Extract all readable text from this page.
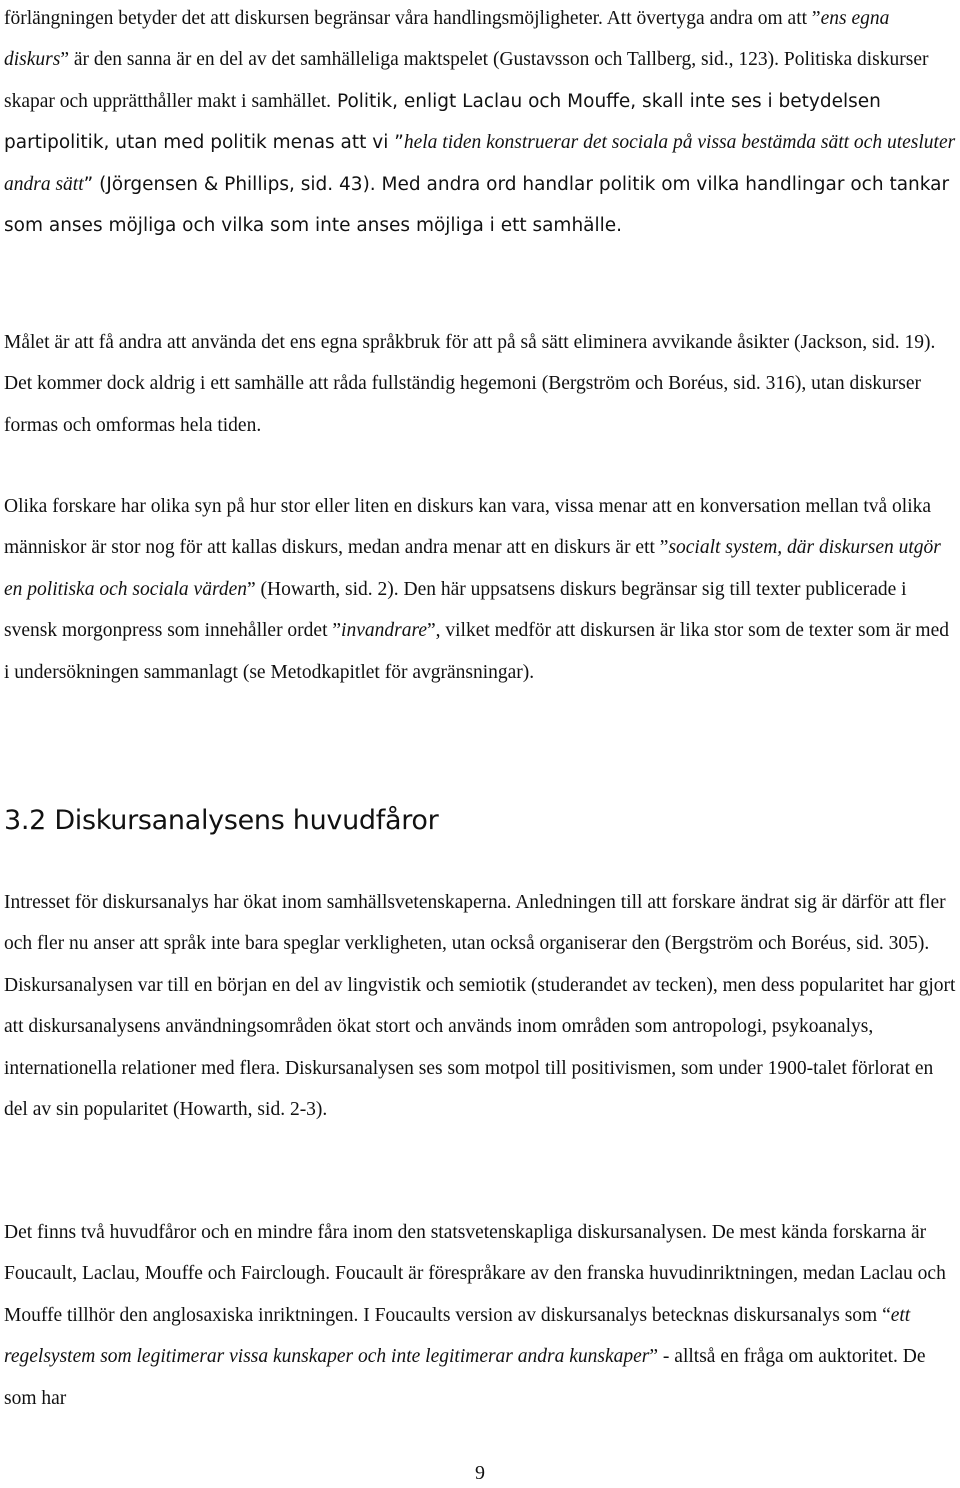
förlängningen betyder det att diskursen begränsar våra handlingsmöjligheter. Att övertyga andra om att ”ens egna diskurs” är den sanna är en del av det samhälleliga maktspelet (Gustavsson och Tallberg, sid., 123). Politiska diskurser skapar och upprätthåller makt i samhället. Politik, enligt Laclau och Mouffe, skall inte ses i betydelsen partipolitik, utan med politik menas att vi ”hela tiden konstruerar det sociala på vissa bestämda sätt och utesluter andra sätt” (Jörgensen & Phillips, sid. 43). Med andra ord handlar politik om vilka handlingar och tankar som anses möjliga och vilka som inte anses möjliga i ett samhälle.

Målet är att få andra att använda det ens egna språkbruk för att på så sätt eliminera avvikande åsikter (Jackson, sid. 19). Det kommer dock aldrig i ett samhälle att råda fullständig hegemoni (Bergström och Boréus, sid. 316), utan diskurser formas och omformas hela tiden.

Olika forskare har olika syn på hur stor eller liten en diskurs kan vara, vissa menar att en konversation mellan två olika människor är stor nog för att kallas diskurs, medan andra menar att en diskurs är ett ”socialt system, där diskursen utgör en politiska och sociala värden” (Howarth, sid. 2). Den här uppsatsens diskurs begränsar sig till texter publicerade i svensk morgonpress som innehåller ordet ”invandrare”, vilket medför att diskursen är lika stor som de texter som är med i undersökningen sammanlagt (se Metodkapitlet för avgränsningar).

3.2 Diskursanalysens huvudfåror

Intresset för diskursanalys har ökat inom samhällsvetenskaperna. Anledningen till att forskare ändrat sig är därför att fler och fler nu anser att språk inte bara speglar verkligheten, utan också organiserar den (Bergström och Boréus, sid. 305). Diskursanalysen var till en början en del av lingvistik och semiotik (studerandet av tecken), men dess popularitet har gjort att diskursanalysens användningsområden ökat stort och används inom områden som antropologi, psykoanalys, internationella relationer med flera. Diskursanalysen ses som motpol till positivismen, som under 1900-talet förlorat en del av sin popularitet (Howarth, sid. 2-3).

Det finns två huvudfåror och en mindre fåra inom den statsvetenskapliga diskursanalysen. De mest kända forskarna är Foucault, Laclau, Mouffe och Fairclough. Foucault är förespråkare av den franska huvudinriktningen, medan Laclau och Mouffe tillhör den anglosaxiska inriktningen. I Foucaults version av diskursanalys betecknas diskursanalys som “ett regelsystem som legitimerar vissa kunskaper och inte legitimerar andra kunskaper” - alltså en fråga om auktoritet. De som har

9
